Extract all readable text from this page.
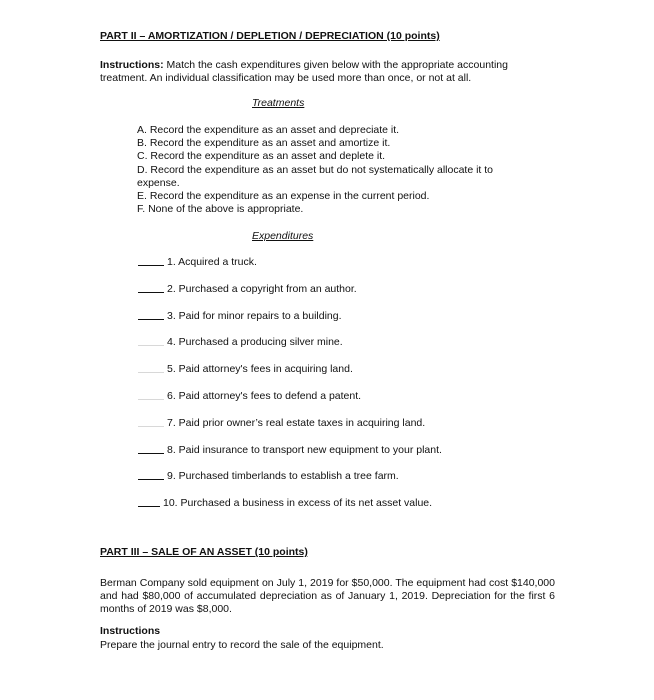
PART II – AMORTIZATION / DEPLETION / DEPRECIATION (10 points)
Instructions: Match the cash expenditures given below with the appropriate accounting treatment. An individual classification may be used more than once, or not at all.
Treatments
A. Record the expenditure as an asset and depreciate it.
B. Record the expenditure as an asset and amortize it.
C. Record the expenditure as an asset and deplete it.
D. Record the expenditure as an asset but do not systematically allocate it to expense.
E. Record the expenditure as an expense in the current period.
F. None of the above is appropriate.
Expenditures
1. Acquired a truck.
2. Purchased a copyright from an author.
3. Paid for minor repairs to a building.
4. Purchased a producing silver mine.
5. Paid attorney's fees in acquiring land.
6. Paid attorney's fees to defend a patent.
7. Paid prior owner’s real estate taxes in acquiring land.
8. Paid insurance to transport new equipment to your plant.
9. Purchased timberlands to establish a tree farm.
10. Purchased a business in excess of its net asset value.
PART III – SALE OF AN ASSET (10 points)
Berman Company sold equipment on July 1, 2019 for $50,000. The equipment had cost $140,000 and had $80,000 of accumulated depreciation as of January 1, 2019. Depreciation for the first 6 months of 2019 was $8,000.
Instructions
Prepare the journal entry to record the sale of the equipment.
